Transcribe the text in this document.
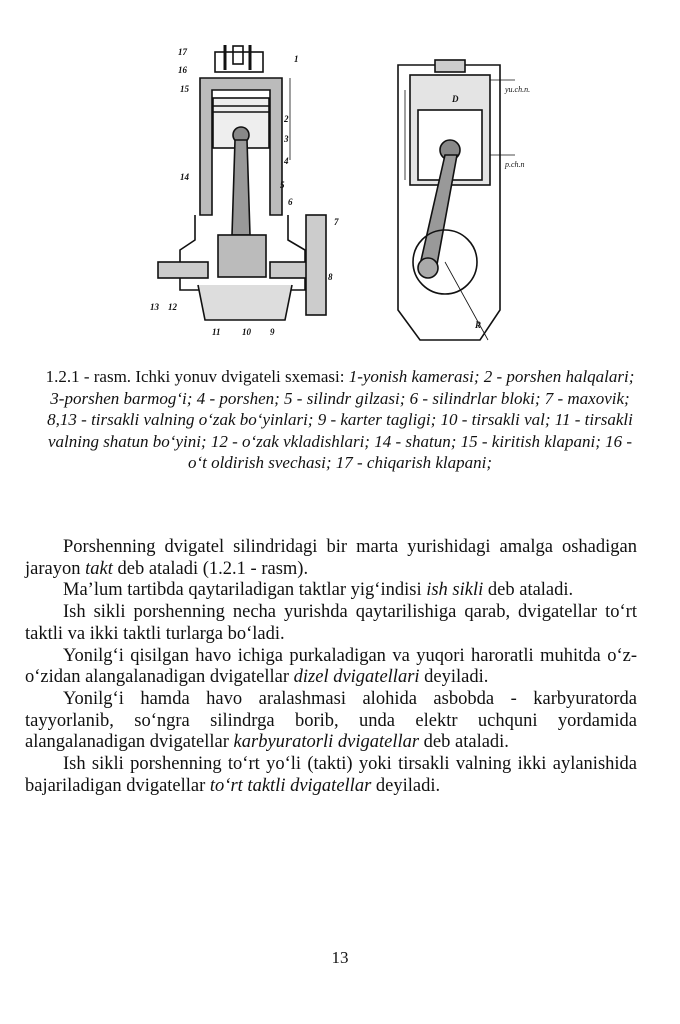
17
16
15
14
13 12
11 10 9
8
7
6
5
4
3
2
1
yu.ch.n.
p.ch.n
D
R
1.2.1 - rasm. Ichki yonuv dvigateli sxemasi: 1-yonish kamerasi; 2 - porshen halqalari; 3-porshen barmog‘i; 4 - porshen; 5 - silindr gilzasi; 6 - silindrlar bloki; 7 - maxovik; 8,13 - tirsakli valning o‘zak bo‘yinlari; 9 - karter tagligi; 10 - tirsakli val; 11 - tirsakli valning shatun bo‘yini; 12 - o‘zak vkladishlari; 14 - shatun; 15 - kiritish klapani; 16 - o‘t oldirish svechasi; 17 - chiqarish klapani;

Porshenning dvigatel silindridagi bir marta yurishidagi amalga oshadigan jarayon takt deb ataladi (1.2.1 - rasm).

Ma’lum tartibda qaytariladigan taktlar yig‘indisi ish sikli deb ataladi.

Ish sikli porshenning necha yurishda qaytarilishiga qarab, dvigatellar to‘rt taktli va ikki taktli turlarga bo‘ladi.

Yonilg‘i qisilgan havo ichiga purkaladigan va yuqori haroratli muhitda o‘z-o‘zidan alangalanadigan dvigatellar dizel dvigatellari deyiladi.

Yonilg‘i hamda havo aralashmasi alohida asbobda - karbyuratorda tayyorlanib, so‘ngra silindrga borib, unda elektr uchquni yordamida alangalanadigan dvigatellar karbyuratorli dvigatellar deb ataladi.

Ish sikli porshenning to‘rt yo‘li (takti) yoki tirsakli valning ikki aylanishida bajariladigan dvigatellar to‘rt taktli dvigatellar deyiladi.

13
